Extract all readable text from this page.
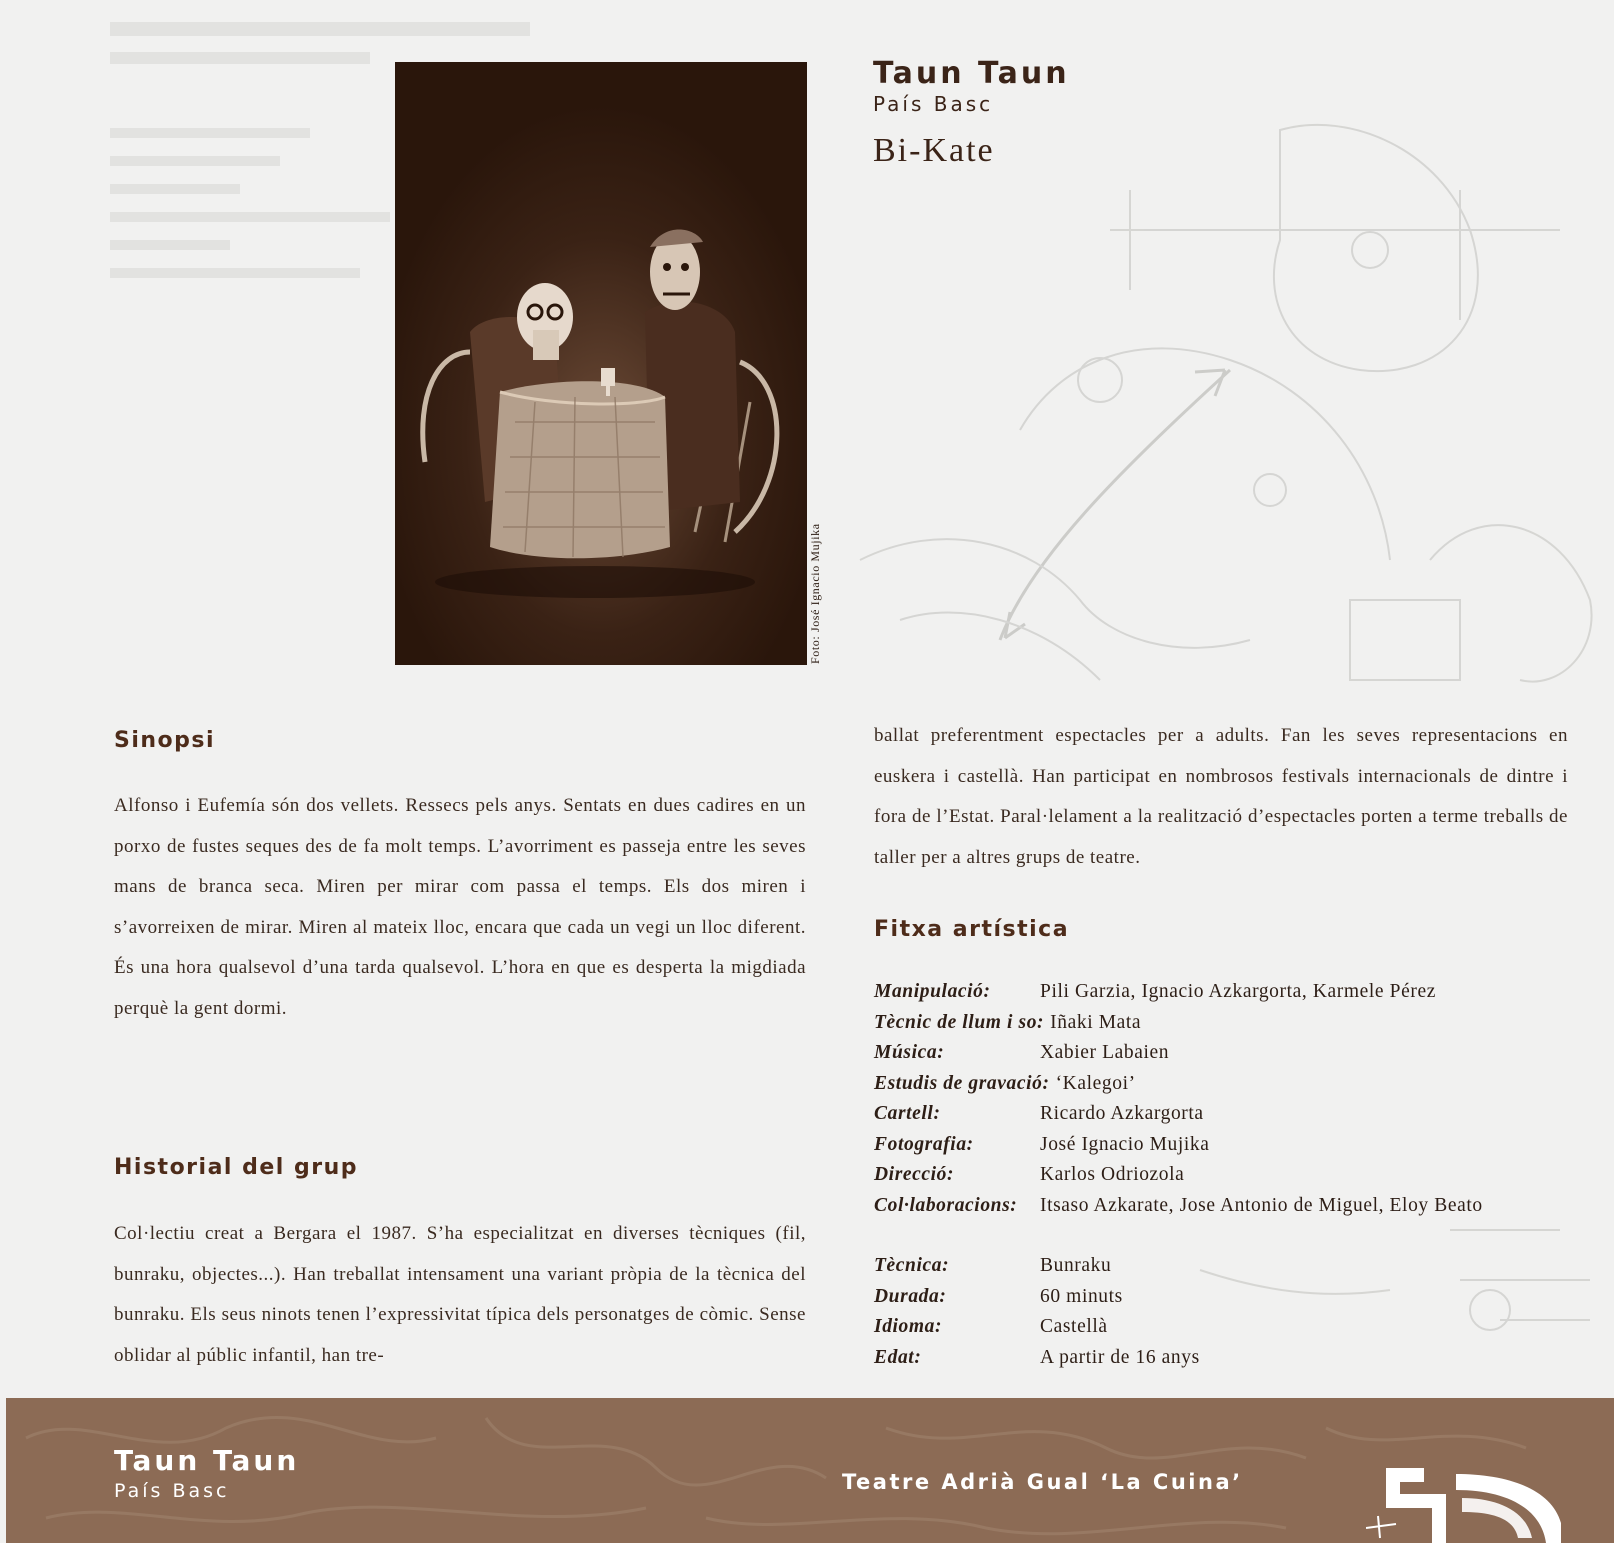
Foto: José Ignacio Mujika
Taun Taun
País Basc
Bi-Kate
Sinopsi

Alfonso i Eufemía són dos vellets. Ressecs pels anys. Sentats en dues cadires en un porxo de fustes seques des de fa molt temps. L’avorriment es passeja entre les seves mans de branca seca. Miren per mirar com passa el temps. Els dos miren i s’avorreixen de mirar. Miren al mateix lloc, encara que cada un vegi un lloc diferent. És una hora qualsevol d’una tarda qualsevol. L’hora en que es desperta la migdiada perquè la gent dormi.

Historial del grup

Col·lectiu creat a Bergara el 1987. S’ha especialitzat en diverses tècniques (fil, bunraku, objectes...). Han treballat intensament una variant pròpia de la tècnica del bunraku. Els seus ninots tenen l’expressivitat típica dels personatges de còmic. Sense oblidar al públic infantil, han tre-

ballat preferentment espectacles per a adults. Fan les seves representacions en euskera i castellà. Han participat en nombrosos festivals internacionals de dintre i fora de l’Estat. Paral·lelament a la realització d’espectacles porten a terme treballs de taller per a altres grups de teatre.

Fitxa artística
Manipulació:	Pili Garzia, Ignacio Azkargorta, Karmele Pérez
Tècnic de llum i so: Iñaki Mata
Música:	Xabier Labaien
Estudis de gravació: ‘Kalegoi’
Cartell:	Ricardo Azkargorta
Fotografia:	José Ignacio Mujika
Direcció:	Karlos Odriozola
Col·laboracions:	Itsaso Azkarate, Jose Antonio de Miguel, Eloy Beato
Tècnica:	Bunraku
Durada:	60 minuts
Idioma:	Castellà
Edat:	A partir de 16 anys
Taun Taun
País Basc	Teatre Adrià Gual ‘La Cuina’
